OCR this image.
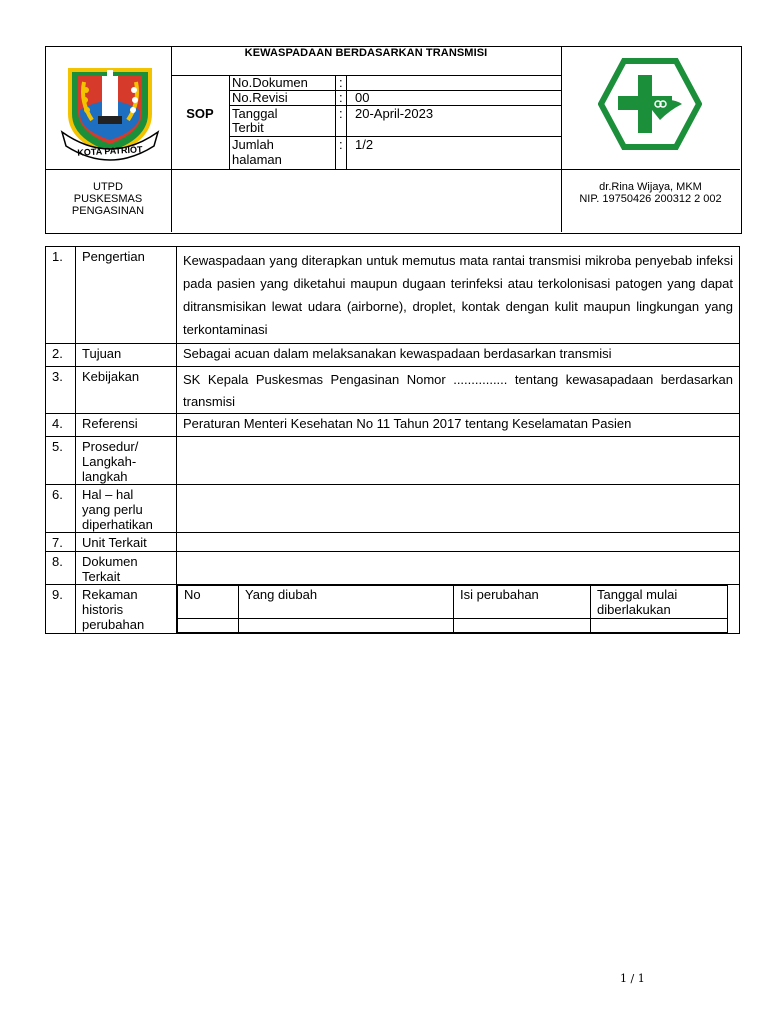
KEWASPADAAN BERDASARKAN TRANSMISI
SOP
No.Dokumen :
No.Revisi	: 00
Tanggal
Terbit
: 20-April-2023
Jumlah
halaman
: 1/2
KOTA PATRIOT
UTPD
PUSKESMAS
PENGASINAN
dr.Rina Wijaya, MKM
NIP. 19750426 200312 2 002
1.	Pengertian	Kewaspadaan yang diterapkan untuk memutus mata rantai transmisi mikroba penyebab infeksi pada pasien yang diketahui maupun dugaan terinfeksi atau terkolonisasi patogen yang dapat ditransmisikan lewat udara (airborne), droplet, kontak dengan kulit maupun lingkungan yang terkontaminasi
2.	Tujuan	Sebagai acuan dalam melaksanakan kewaspadaan berdasarkan transmisi
3.	Kebijakan	SK Kepala Puskesmas Pengasinan Nomor ............... tentang kewasapadaan berdasarkan transmisi
4.	Referensi	Peraturan Menteri Kesehatan No 11 Tahun 2017 tentang Keselamatan Pasien
5.	Prosedur/
Langkah-
langkah	
6.	Hal – hal
yang perlu
diperhatikan	
7.	Unit Terkait	
8.	Dokumen
Terkait	
9.	Rekaman
historis
perubahan	
No	Yang diubah	Isi perubahan	Tanggal mulai
diberlakukan

1 / 1
